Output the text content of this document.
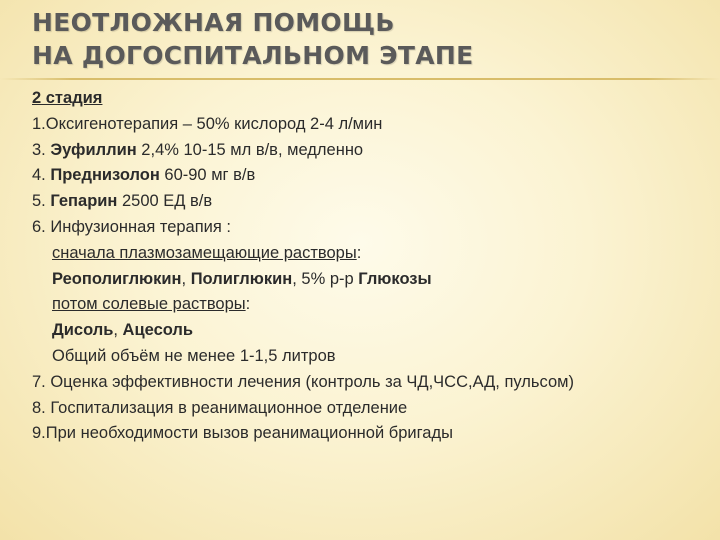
НЕОТЛОЖНАЯ ПОМОЩЬ
НА ДОГОСПИТАЛЬНОМ ЭТАПЕ
2 стадия
1.Оксигенотерапия – 50% кислород 2-4 л/мин
3. Эуфиллин 2,4% 10-15 мл в/в, медленно
4. Преднизолон 60-90 мг в/в
5. Гепарин 2500 ЕД в/в
6. Инфузионная терапия :
сначала плазмозамещающие растворы:
Реополиглюкин, Полиглюкин, 5% р-р Глюкозы
потом солевые растворы:
Дисоль, Ацесоль
Общий объём не менее 1-1,5 литров
7. Оценка эффективности лечения (контроль за ЧД,ЧСС,АД, пульсом)
8. Госпитализация в реанимационное отделение
9.При необходимости вызов реанимационной бригады
